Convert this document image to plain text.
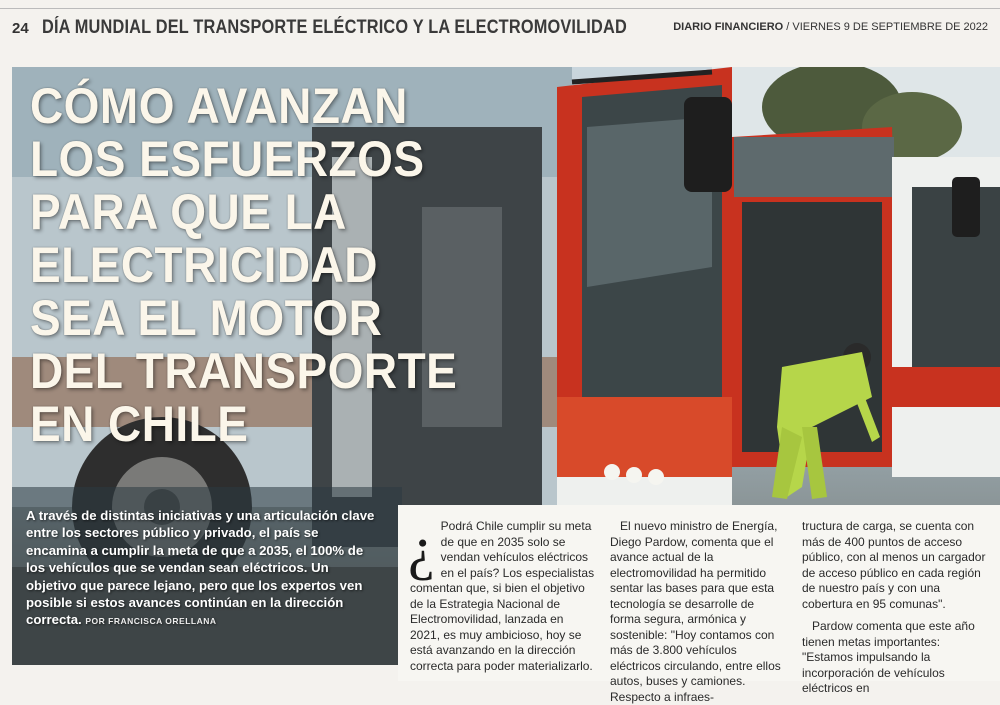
24 DÍA MUNDIAL DEL TRANSPORTE ELÉCTRICO Y LA ELECTROMOVILIDAD	DIARIO FINANCIERO / VIERNES 9 DE SEPTIEMBRE DE 2022
CÓMO AVANZAN
LOS ESFUERZOS
PARA QUE LA
ELECTRICIDAD
SEA EL MOTOR
DEL TRANSPORTE
EN CHILE

A través de distintas iniciativas y una articulación clave entre los sectores público y privado, el país se encamina a cumplir la meta de que a 2035, el 100% de los vehículos que se vendan sean eléctricos. Un objetivo que parece lejano, pero que los expertos ven posible si estos avances continúan en la dirección correcta. POR FRANCISCA ORELLANA

¿ Podrá Chile cumplir su meta de que en 2035 solo se vendan vehículos eléctricos en el país? Los especialistas comentan que, si bien el objetivo de la Estrategia Nacional de Electromovilidad, lanzada en 2021, es muy ambicioso, hoy se está avanzando en la dirección correcta para poder materializarlo.

El nuevo ministro de Energía, Diego Pardow, comenta que el avance actual de la electromovilidad ha permitido sentar las bases para que esta tecnología se desarrolle de forma segura, armónica y sostenible: "Hoy contamos con más de 3.800 vehículos eléctricos circulando, entre ellos autos, buses y camiones. Respecto a infraes-

tructura de carga, se cuenta con más de 400 puntos de acceso público, con al menos un cargador de acceso público en cada región de nuestro país y con una cobertura en 95 comunas".

Pardow comenta que este año tienen metas importantes: "Estamos impulsando la incorporación de vehículos eléctricos en
